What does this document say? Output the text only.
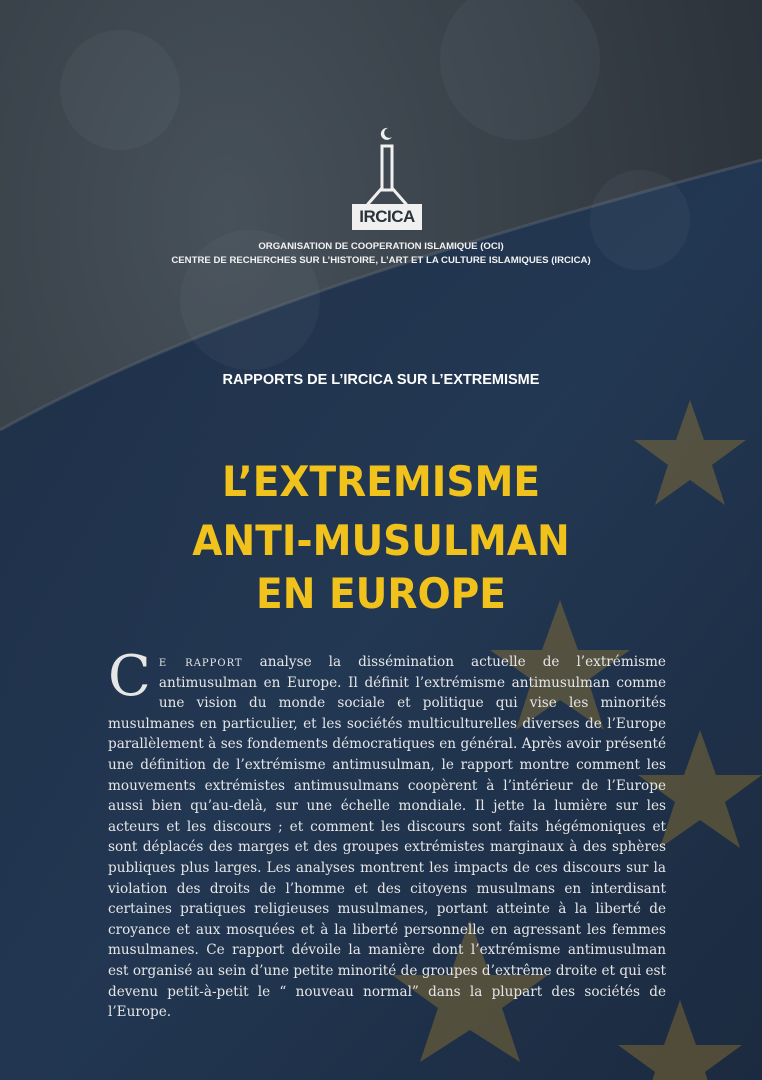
IRCICA
ORGANISATION DE COOPERATION ISLAMIQUE (OCI)
CENTRE DE RECHERCHES SUR L’HISTOIRE, L’ART ET LA CULTURE ISLAMIQUES (IRCICA)
RAPPORTS DE L’IRCICA SUR L’EXTREMISME
L’EXTREMISME
ANTI-MUSULMAN
EN EUROPE
Ce rapport analyse la dissémination actuelle de l’extrémisme antimusulman en Europe. Il définit l’extrémisme antimusulman comme une vision du monde sociale et politique qui vise les minorités musulmanes en particulier, et les sociétés multiculturelles diverses de l’Europe parallèlement à ses fondements démocratiques en général. Après avoir présenté une définition de l’extrémisme antimusulman, le rapport montre comment les mouvements extrémistes antimusulmans coopèrent à l’intérieur de l’Europe aussi bien qu’au-delà, sur une échelle mondiale. Il jette la lumière sur les acteurs et les discours ; et comment les discours sont faits hégémoniques et sont déplacés des marges et des groupes extrémistes marginaux à des sphères publiques plus larges. Les analyses montrent les impacts de ces discours sur la violation des droits de l’homme et des citoyens musulmans en interdisant certaines pratiques religieuses musulmanes, portant atteinte à la liberté de croyance et aux mosquées et à la liberté personnelle en agressant les femmes musulmanes. Ce rapport dévoile la manière dont l’extrémisme antimusulman est organisé au sein d’une petite minorité de groupes d’extrême droite et qui est devenu petit-à-petit le “ nouveau normal” dans la plupart des sociétés de l’Europe.
